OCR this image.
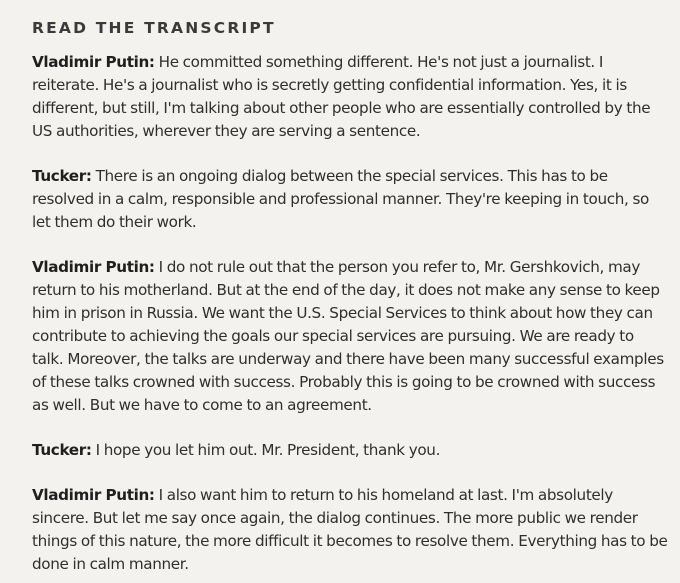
READ THE TRANSCRIPT

Vladimir Putin: He committed something different. He's not just a journalist. I reiterate. He's a journalist who is secretly getting confidential information. Yes, it is different, but still, I'm talking about other people who are essentially controlled by the US authorities, wherever they are serving a sentence.

Tucker: There is an ongoing dialog between the special services. This has to be resolved in a calm, responsible and professional manner. They're keeping in touch, so let them do their work.

Vladimir Putin: I do not rule out that the person you refer to, Mr. Gershkovich, may return to his motherland. But at the end of the day, it does not make any sense to keep him in prison in Russia. We want the U.S. Special Services to think about how they can contribute to achieving the goals our special services are pursuing. We are ready to talk. Moreover, the talks are underway and there have been many successful examples of these talks crowned with success. Probably this is going to be crowned with success as well. But we have to come to an agreement.

Tucker: I hope you let him out. Mr. President, thank you.

Vladimir Putin: I also want him to return to his homeland at last. I'm absolutely sincere. But let me say once again, the dialog continues. The more public we render things of this nature, the more difficult it becomes to resolve them. Everything has to be done in calm manner.
